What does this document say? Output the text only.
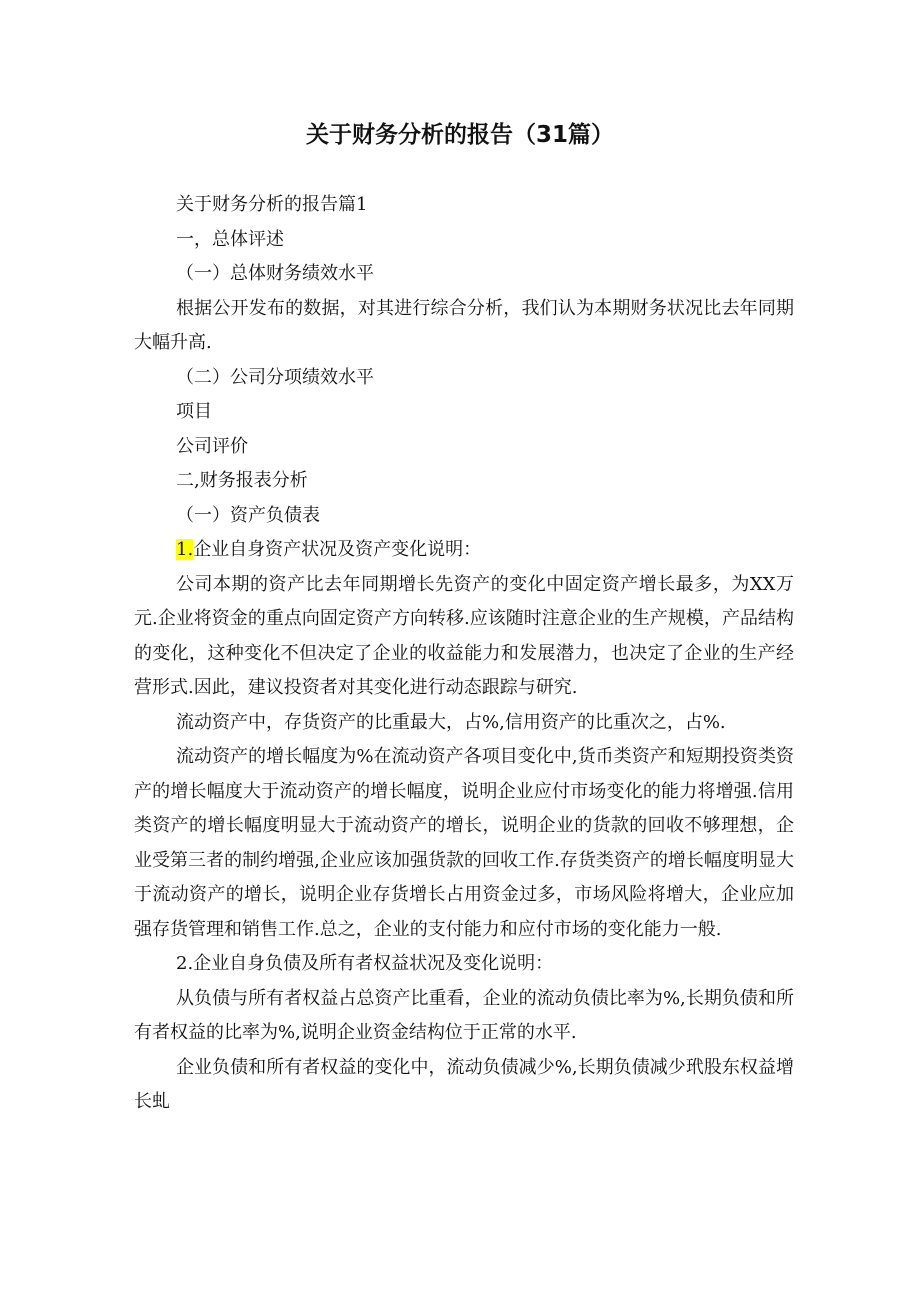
关于财务分析的报告（31篇）

关于财务分析的报告篇1

一，总体评述

（一）总体财务绩效水平

根据公开发布的数据，对其进行综合分析，我们认为本期财务状况比去年同期大幅升高.

（二）公司分项绩效水平

项目

公司评价

二,财务报表分析

（一）资产负债表

1.企业自身资产状况及资产变化说明：

公司本期的资产比去年同期增长先资产的变化中固定资产增长最多，为XX万元.企业将资金的重点向固定资产方向转移.应该随时注意企业的生产规模，产品结构的变化，这种变化不但决定了企业的收益能力和发展潜力，也决定了企业的生产经营形式.因此，建议投资者对其变化进行动态跟踪与研究.

流动资产中，存货资产的比重最大，占%,信用资产的比重次之，占%.

流动资产的增长幅度为%在流动资产各项目变化中,货币类资产和短期投资类资产的增长幅度大于流动资产的增长幅度，说明企业应付市场变化的能力将增强.信用类资产的增长幅度明显大于流动资产的增长，说明企业的货款的回收不够理想，企业受第三者的制约增强,企业应该加强货款的回收工作.存货类资产的增长幅度明显大于流动资产的增长，说明企业存货增长占用资金过多，市场风险将增大，企业应加强存货管理和销售工作.总之，企业的支付能力和应付市场的变化能力一般.

2.企业自身负债及所有者权益状况及变化说明：

从负债与所有者权益占总资产比重看，企业的流动负债比率为%,长期负债和所有者权益的比率为%,说明企业资金结构位于正常的水平.

企业负债和所有者权益的变化中，流动负债减少%,长期负债减少玳股东权益增长虬
